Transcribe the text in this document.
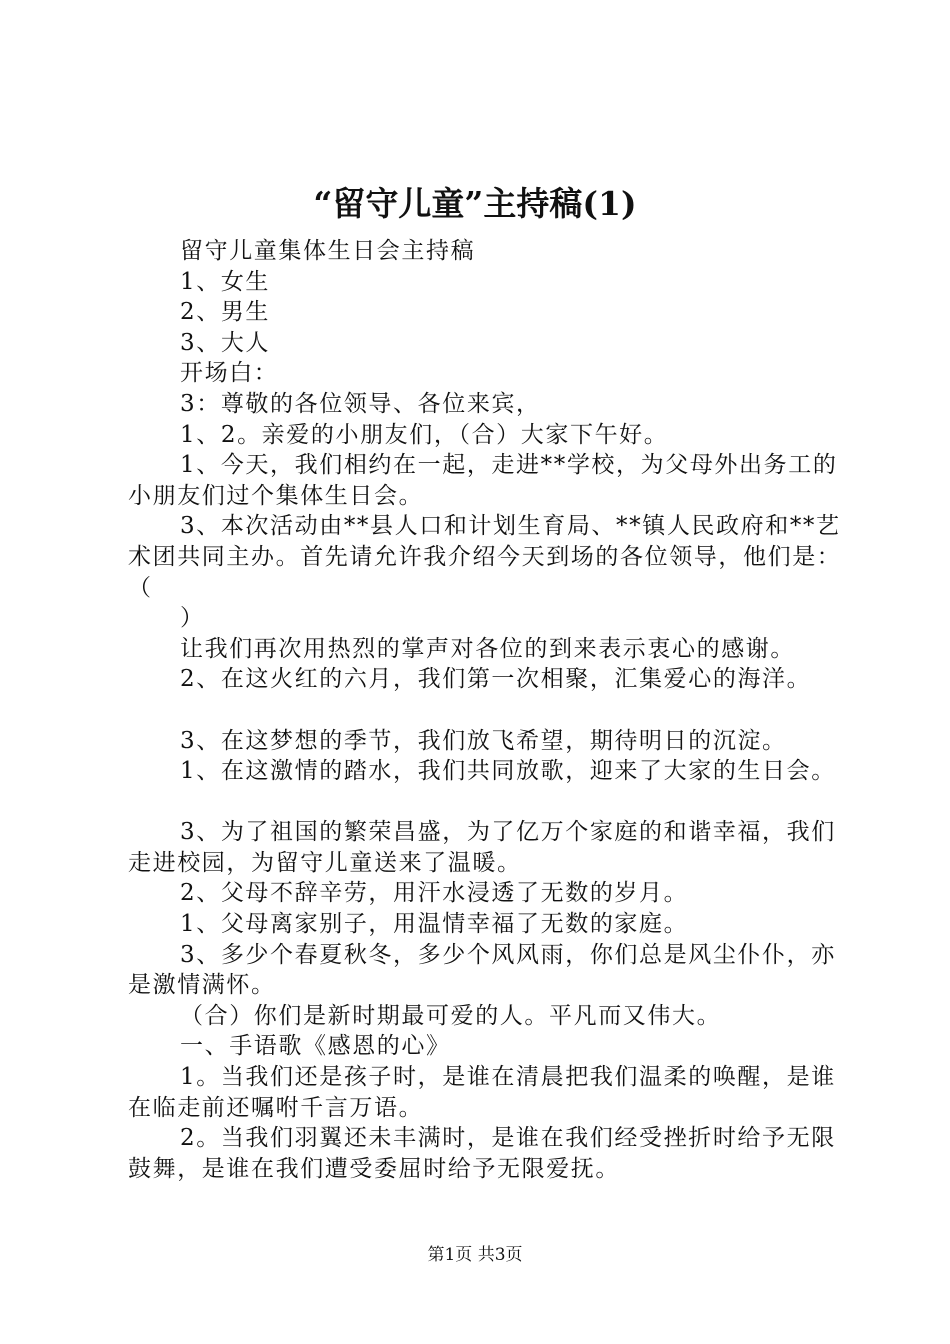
“留守儿童”主持稿(1)

留守儿童集体生日会主持稿

1、女生

2、男生

3、大人

开场白：

3：尊敬的各位领导、各位来宾，

1、2。亲爱的小朋友们，（合）大家下午好。

1、今天，我们相约在一起，走进**学校，为父母外出务工的小朋友们过个集体生日会。

3、本次活动由**县人口和计划生育局、**镇人民政府和**艺术团共同主办。首先请允许我介绍今天到场的各位领导，他们是：（

）

让我们再次用热烈的掌声对各位的到来表示衷心的感谢。

2、在这火红的六月，我们第一次相聚，汇集爱心的海洋。

3、在这梦想的季节，我们放飞希望，期待明日的沉淀。

1、在这激情的踏水，我们共同放歌，迎来了大家的生日会。

3、为了祖国的繁荣昌盛，为了亿万个家庭的和谐幸福，我们走进校园，为留守儿童送来了温暖。

2、父母不辞辛劳，用汗水浸透了无数的岁月。

1、父母离家别子，用温情幸福了无数的家庭。

3、多少个春夏秋冬，多少个风风雨，你们总是风尘仆仆，亦是激情满怀。

（合）你们是新时期最可爱的人。平凡而又伟大。

一、手语歌《感恩的心》

1。当我们还是孩子时，是谁在清晨把我们温柔的唤醒，是谁在临走前还嘱咐千言万语。

2。当我们羽翼还未丰满时，是谁在我们经受挫折时给予无限鼓舞，是谁在我们遭受委屈时给予无限爱抚。

第1页 共3页
